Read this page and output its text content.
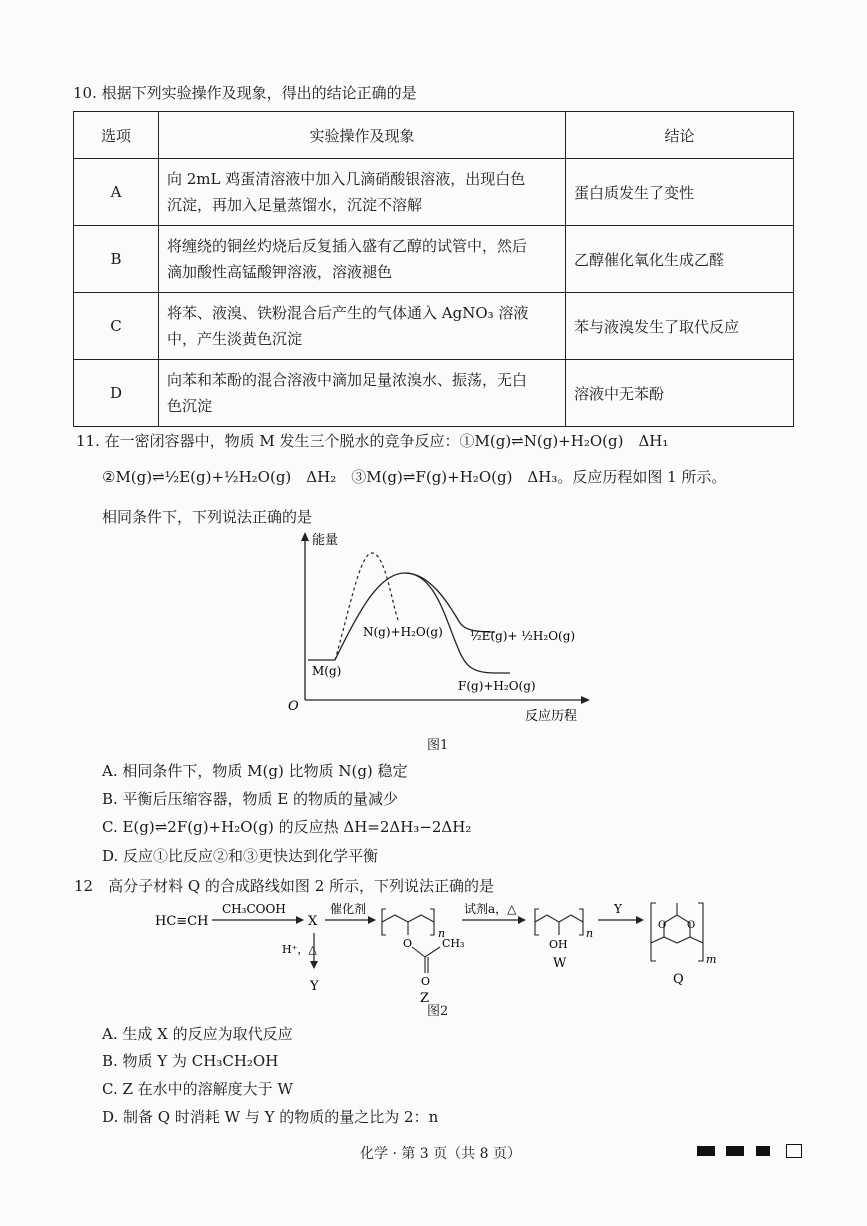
10. 根据下列实验操作及现象，得出的结论正确的是
选项	实验操作及现象	结论
A	向 2mL 鸡蛋清溶液中加入几滴硝酸银溶液，出现白色
沉淀，再加入足量蒸馏水，沉淀不溶解	蛋白质发生了变性
B	将缠绕的铜丝灼烧后反复插入盛有乙醇的试管中，然后
滴加酸性高锰酸钾溶液，溶液褪色	乙醇催化氧化生成乙醛
C	将苯、液溴、铁粉混合后产生的气体通入 AgNO₃ 溶液
中，产生淡黄色沉淀	苯与液溴发生了取代反应
D	向苯和苯酚的混合溶液中滴加足量浓溴水、振荡，无白
色沉淀	溶液中无苯酚
11. 在一密闭容器中，物质 M 发生三个脱水的竞争反应：①M(g)⇌N(g)+H₂O(g)　ΔH₁
②M(g)⇌½E(g)+½H₂O(g)　ΔH₂　③M(g)⇌F(g)+H₂O(g)　ΔH₃。反应历程如图 1 所示。
相同条件下，下列说法正确的是
能量
反应历程
O
M(g)
N(g)+H₂O(g) ½E(g)+ ½H₂O(g)
F(g)+H₂O(g)
图1
A. 相同条件下，物质 M(g) 比物质 N(g) 稳定
B. 平衡后压缩容器，物质 E 的物质的量减少
C. E(g)⇌2F(g)+H₂O(g) 的反应热 ΔH=2ΔH₃−2ΔH₂
D. 反应①比反应②和③更快达到化学平衡
12　高分子材料 Q 的合成路线如图 2 所示，下列说法正确的是
HC≡CH
CH₃COOH
X
H⁺，△
Y
催化剂
n
O	CH₃
O
Z
试剂a，△
n
OH
W
Y
O O
m
Q
图2
A. 生成 X 的反应为取代反应
B. 物质 Y 为 CH₃CH₂OH
C. Z 在水中的溶解度大于 W
D. 制备 Q 时消耗 W 与 Y 的物质的量之比为 2：n
化学 · 第 3 页（共 8 页）
